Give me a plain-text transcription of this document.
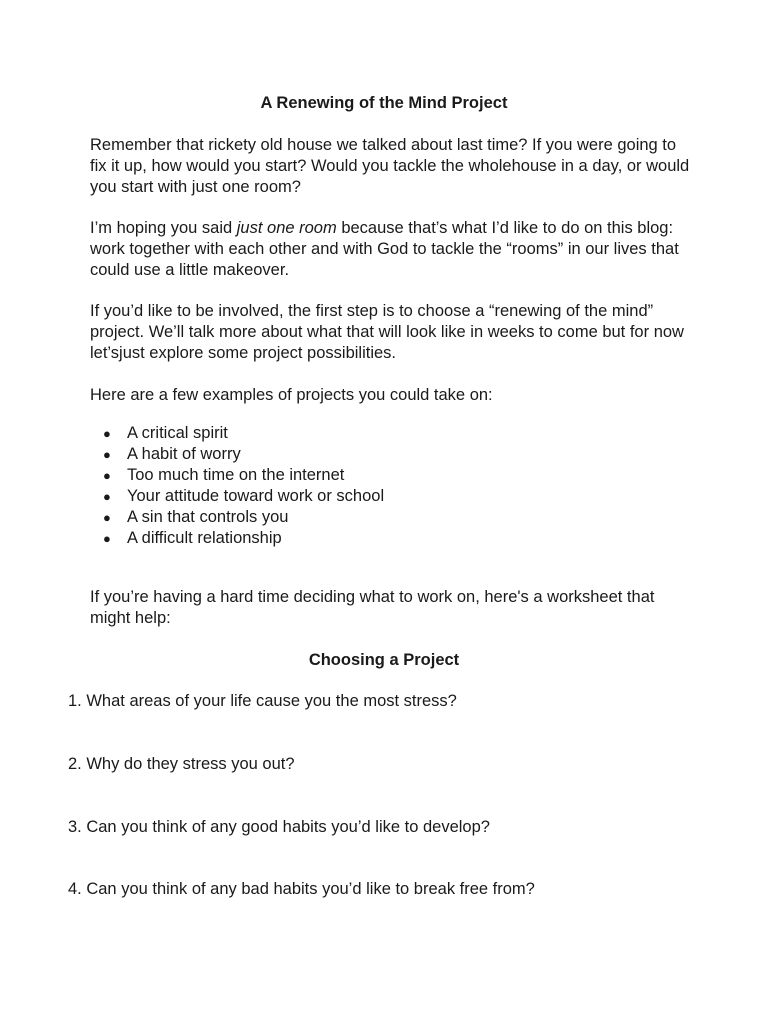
A Renewing of the Mind Project

Remember that rickety old house we talked about last time? If you were going to fix it up, how would you start? Would you tackle the wholehouse in a day, or would you start with just one room?

I’m hoping you said just one room because that’s what I’d like to do on this blog: work together with each other and with God to tackle the “rooms” in our lives that could use a little makeover.

If you’d like to be involved, the first step is to choose a “renewing of the mind” project. We’ll talk more about what that will look like in weeks to come but for now let’sjust explore some project possibilities.

Here are a few examples of projects you could take on:

● A critical spirit
● A habit of worry
● Too much time on the internet
● Your attitude toward work or school
● A sin that controls you
● A difficult relationship

If you’re having a hard time deciding what to work on, here's a worksheet that might help:

Choosing a Project
1. What areas of your life cause you the most stress?
2. Why do they stress you out?
3. Can you think of any good habits you’d like to develop?
4. Can you think of any bad habits you’d like to break free from?
